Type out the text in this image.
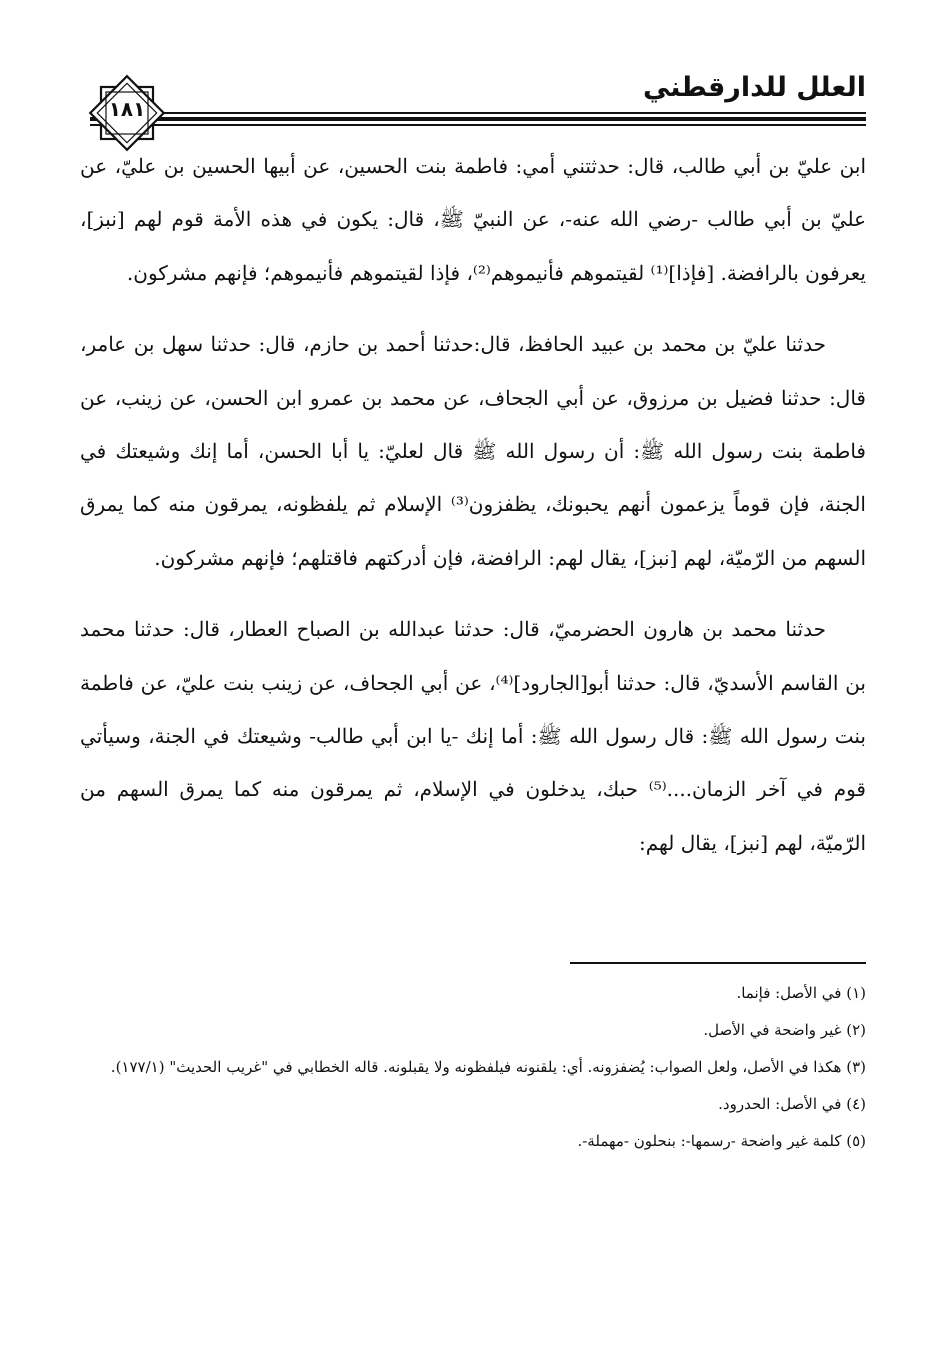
العلل للدارقطني
١٨١

ابن عليّ بن أبي طالب، قال: حدثتني أمي: فاطمة بنت الحسين، عن أبيها الحسين بن عليّ، عن عليّ بن أبي طالب -رضي الله عنه-، عن النبيّ ﷺ، قال: يكون في هذه الأمة قوم لهم [نبز]، يعرفون بالرافضة. [فإذا]⁽¹⁾ لقيتموهم فأنيموهم⁽²⁾، فإذا لقيتموهم فأنيموهم؛ فإنهم مشركون.

حدثنا عليّ بن محمد بن عبيد الحافظ، قال:حدثنا أحمد بن حازم، قال: حدثنا سهل بن عامر، قال: حدثنا فضيل بن مرزوق، عن أبي الجحاف، عن محمد بن عمرو ابن الحسن، عن زينب، عن فاطمة بنت رسول الله ﷺ: أن رسول الله ﷺ قال لعليّ: يا أبا الحسن، أما إنك وشيعتك في الجنة، فإن قوماً يزعمون أنهم يحبونك، يظفزون⁽³⁾ الإسلام ثم يلفظونه، يمرقون منه كما يمرق السهم من الرّميّة، لهم [نبز]، يقال لهم: الرافضة، فإن أدركتهم فاقتلهم؛ فإنهم مشركون.

حدثنا محمد بن هارون الحضرميّ، قال: حدثنا عبدالله بن الصباح العطار، قال: حدثنا محمد بن القاسم الأسديّ، قال: حدثنا أبو[الجارود]⁽⁴⁾، عن أبي الجحاف، عن زينب بنت عليّ، عن فاطمة بنت رسول الله ﷺ: قال رسول الله ﷺ: أما إنك -يا ابن أبي طالب- وشيعتك في الجنة، وسيأتي قوم في آخر الزمان....⁽⁵⁾ حبك، يدخلون في الإسلام، ثم يمرقون منه كما يمرق السهم من الرّميّة، لهم [نبز]، يقال لهم:

(١) في الأصل: فإنما.

(٢) غير واضحة في الأصل.

(٣) هكذا في الأصل، ولعل الصواب: يُضفزونه. أي: يلقنونه فيلفظونه ولا يقبلونه. قاله الخطابي في "غريب الحديث" (١٧٧/١).

(٤) في الأصل: الحدرود.

(٥) كلمة غير واضحة -رسمها-: بنحلون -مهملة-.
